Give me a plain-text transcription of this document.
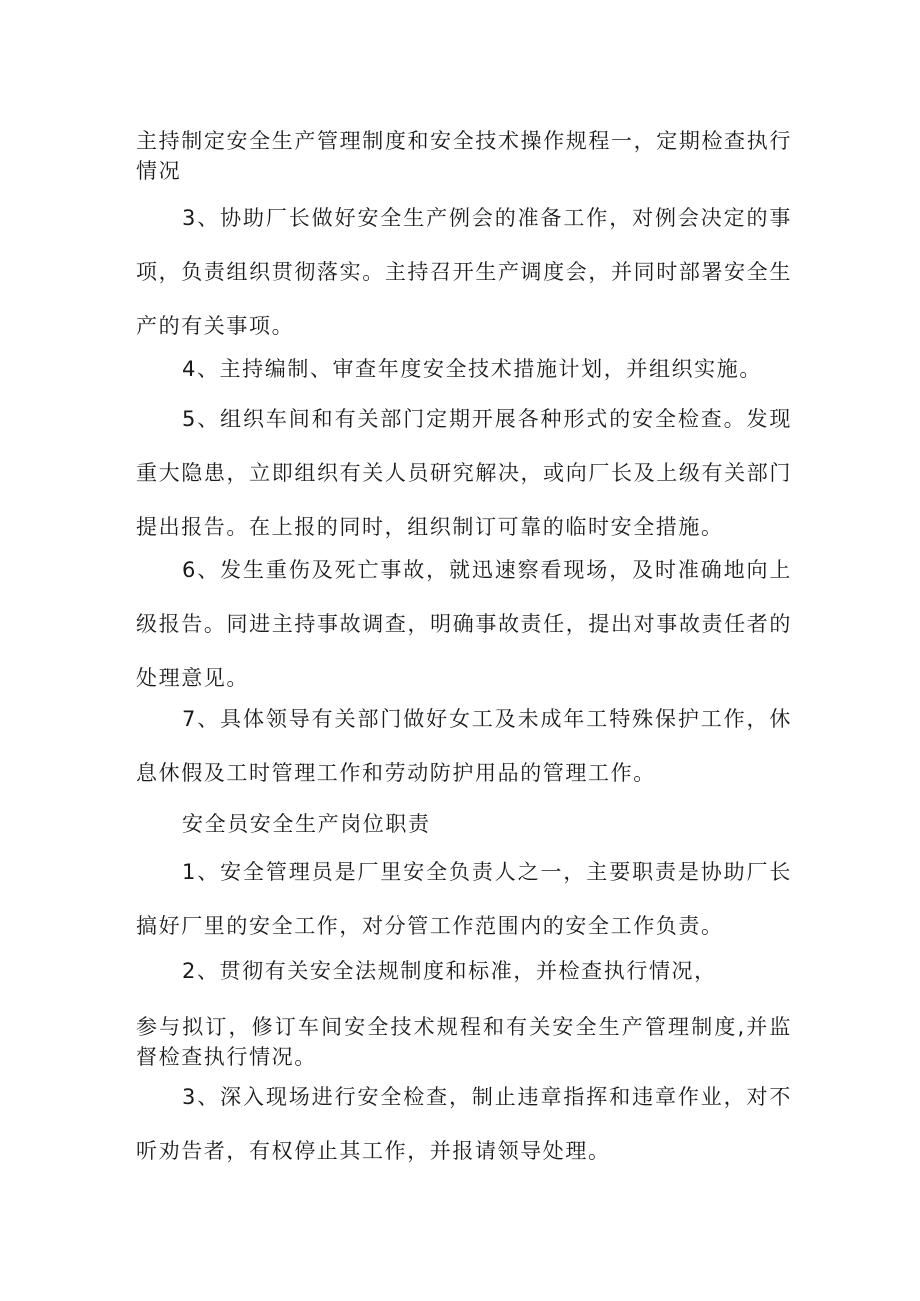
主持制定安全生产管理制度和安全技术操作规程一，定期检查执行情况

3、协助厂长做好安全生产例会的准备工作，对例会决定的事项，负责组织贯彻落实。主持召开生产调度会，并同时部署安全生产的有关事项。

4、主持编制、审查年度安全技术措施计划，并组织实施。

5、组织车间和有关部门定期开展各种形式的安全检查。发现重大隐患，立即组织有关人员研究解决，或向厂长及上级有关部门提出报告。在上报的同时，组织制订可靠的临时安全措施。

6、发生重伤及死亡事故，就迅速察看现场，及时准确地向上级报告。同进主持事故调查，明确事故责任，提出对事故责任者的处理意见。

7、具体领导有关部门做好女工及未成年工特殊保护工作，休息休假及工时管理工作和劳动防护用品的管理工作。

安全员安全生产岗位职责

1、安全管理员是厂里安全负责人之一，主要职责是协助厂长搞好厂里的安全工作，对分管工作范围内的安全工作负责。

2、贯彻有关安全法规制度和标准，并检查执行情况，

参与拟订，修订车间安全技术规程和有关安全生产管理制度,并监督检查执行情况。

3、深入现场进行安全检查，制止违章指挥和违章作业，对不听劝告者，有权停止其工作，并报请领导处理。
